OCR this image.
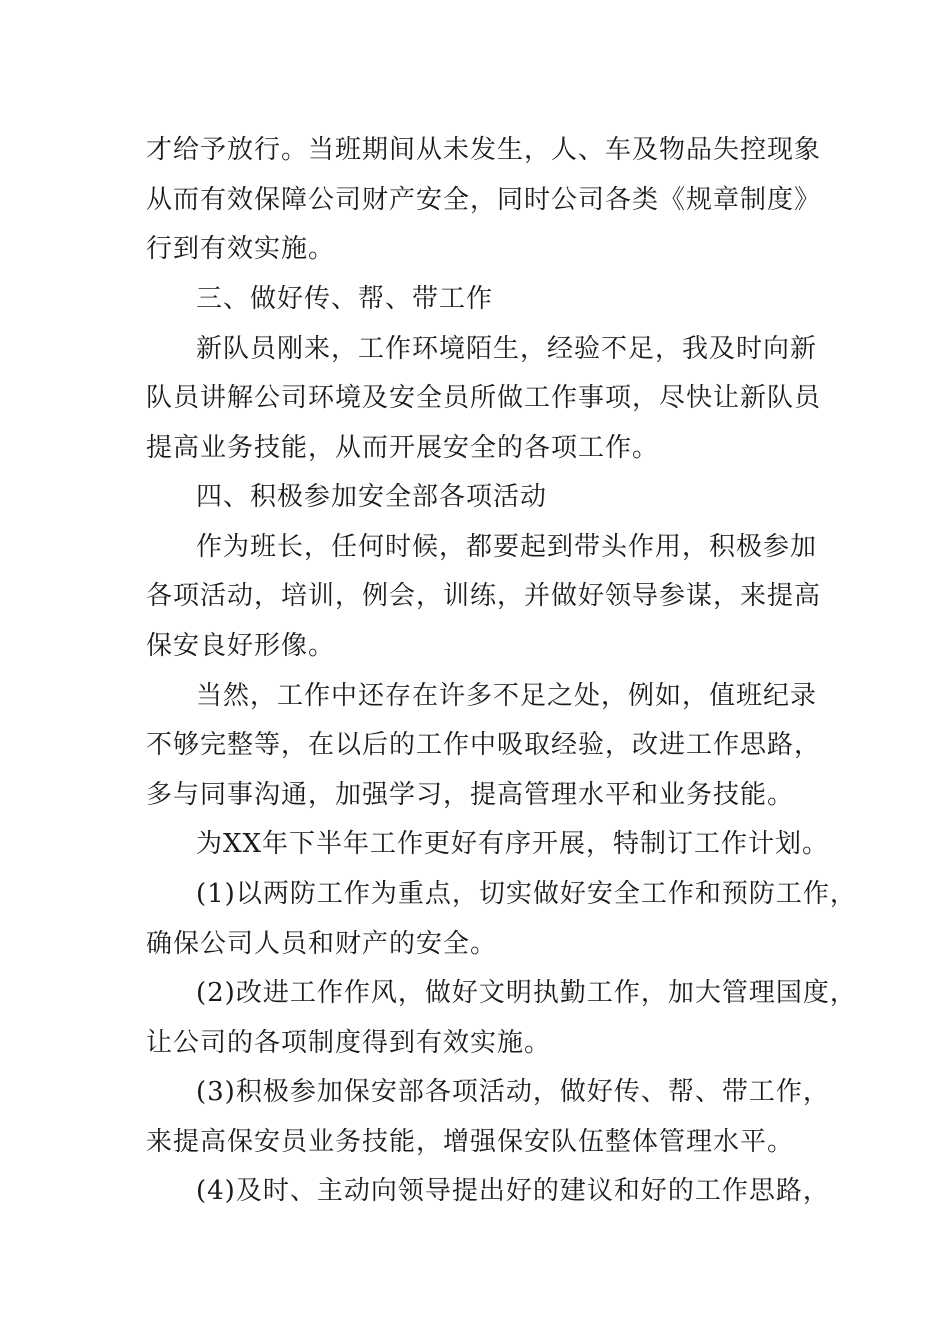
才给予放行。当班期间从未发生，人、车及物品失控现象
从而有效保障公司财产安全，同时公司各类《规章制度》
行到有效实施。
三、做好传、帮、带工作
新队员刚来，工作环境陌生，经验不足，我及时向新
队员讲解公司环境及安全员所做工作事项，尽快让新队员
提高业务技能，从而开展安全的各项工作。
四、积极参加安全部各项活动
作为班长，任何时候，都要起到带头作用，积极参加
各项活动，培训，例会，训练，并做好领导参谋，来提高
保安良好形像。
当然，工作中还存在许多不足之处，例如，值班纪录
不够完整等，在以后的工作中吸取经验，改进工作思路，
多与同事沟通，加强学习，提高管理水平和业务技能。
为XX年下半年工作更好有序开展，特制订工作计划。
(1)以两防工作为重点，切实做好安全工作和预防工作，
确保公司人员和财产的安全。
(2)改进工作作风，做好文明执勤工作，加大管理国度，
让公司的各项制度得到有效实施。
(3)积极参加保安部各项活动，做好传、帮、带工作，
来提高保安员业务技能，增强保安队伍整体管理水平。
(4)及时、主动向领导提出好的建议和好的工作思路，
